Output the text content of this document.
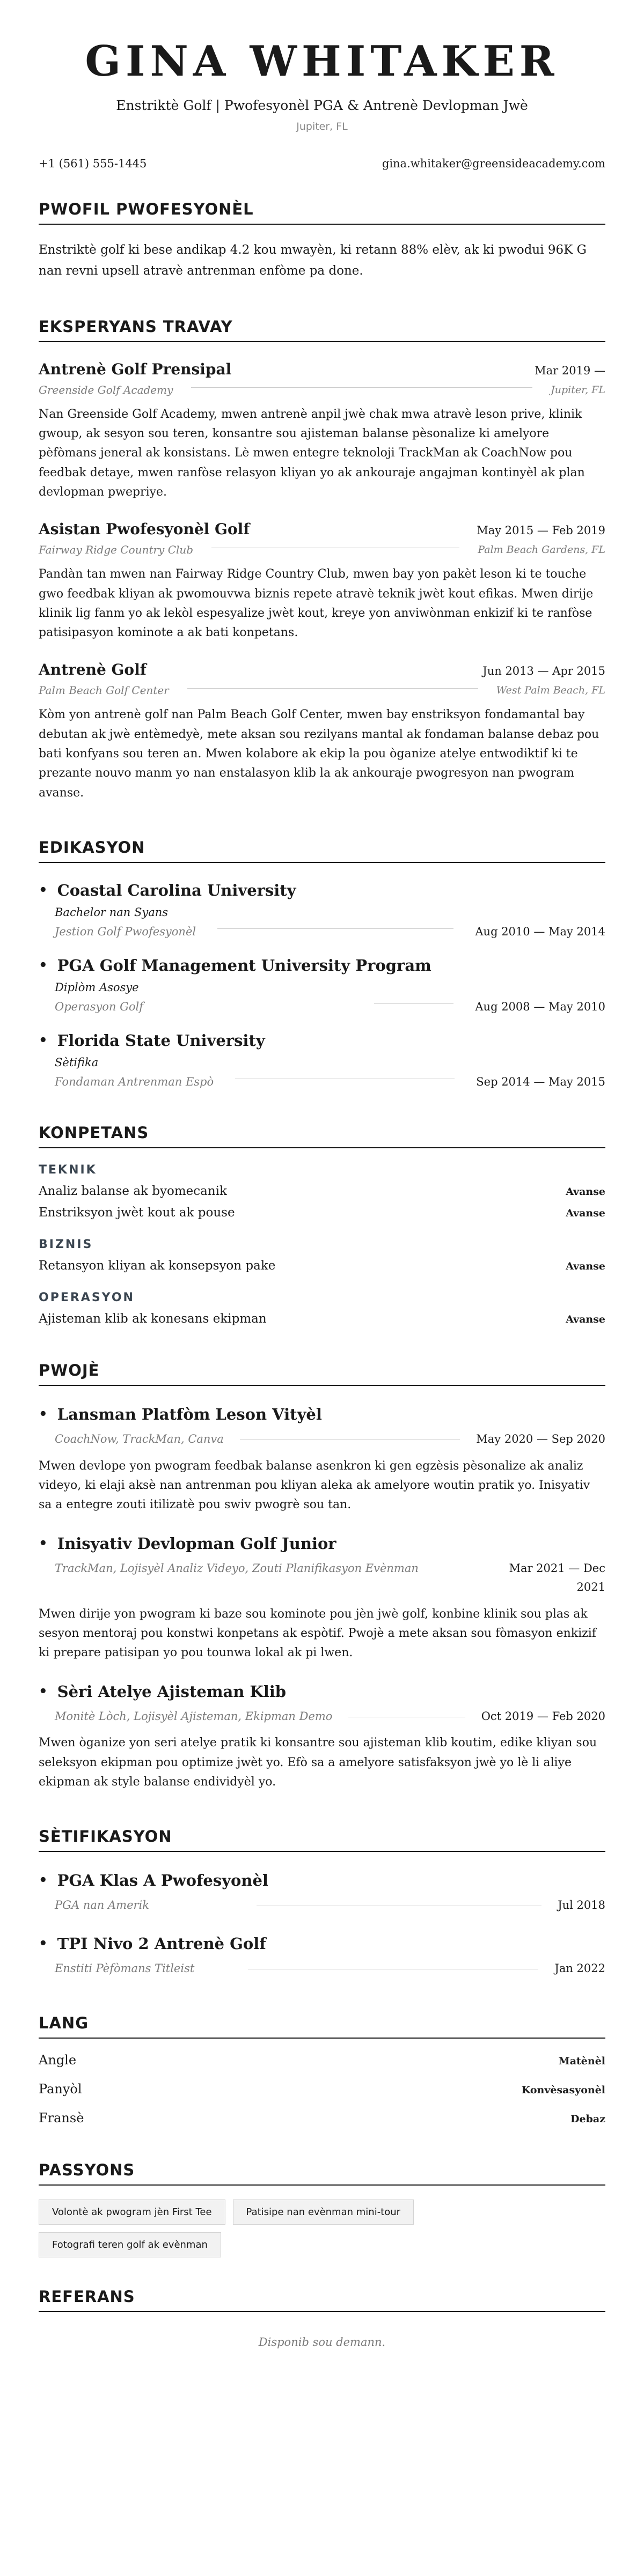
GINA WHITAKER
Enstriktè Golf | Pwofesyonèl PGA & Antrenè Devlopman Jwè
Jupiter, FL
+1 (561) 555-1445	gina.whitaker@greensideacademy.com
PWOFIL PWOFESYONÈL
Enstriktè golf ki bese andikap 4.2 kou mwayèn, ki retann 88% elèv, ak ki pwodui 96K G nan revni upsell atravè antrenman enfòme pa done.
EKSPERYANS TRAVAY
Antrenè Golf Prensipal	Mar 2019 —
Greenside Golf Academy	Jupiter, FL
Nan Greenside Golf Academy, mwen antrenè anpil jwè chak mwa atravè leson prive, klinik gwoup, ak sesyon sou teren, konsantre sou ajisteman balanse pèsonalize ki amelyore pèfòmans jeneral ak konsistans. Lè mwen entegre teknoloji TrackMan ak CoachNow pou feedbak detaye, mwen ranfòse relasyon kliyan yo ak ankouraje angajman kontinyèl ak plan devlopman pwepriye.
Asistan Pwofesyonèl Golf	May 2015 — Feb 2019
Fairway Ridge Country Club	Palm Beach Gardens, FL
Pandàn tan mwen nan Fairway Ridge Country Club, mwen bay yon pakèt leson ki te touche gwo feedbak kliyan ak pwomouvwa biznis repete atravè teknik jwèt kout efikas. Mwen dirije klinik lig fanm yo ak lekòl espesyalize jwèt kout, kreye yon anviwònman enkizif ki te ranfòse patisipasyon kominote a ak bati konpetans.
Antrenè Golf	Jun 2013 — Apr 2015
Palm Beach Golf Center	West Palm Beach, FL
Kòm yon antrenè golf nan Palm Beach Golf Center, mwen bay enstriksyon fondamantal bay debutan ak jwè entèmedyè, mete aksan sou rezilyans mantal ak fondaman balanse debaz pou bati konfyans sou teren an. Mwen kolabore ak ekip la pou òganize atelye entwodiktif ki te prezante nouvo manm yo nan enstalasyon klib la ak ankouraje pwogresyon nan pwogram avanse.
EDIKASYON
• Coastal Carolina University
Bachelor nan Syans
Jestion Golf Pwofesyonèl	Aug 2010 — May 2014
• PGA Golf Management University Program
Diplòm Asosye
Operasyon Golf	Aug 2008 — May 2010
• Florida State University
Sètifika
Fondaman Antrenman Espò	Sep 2014 — May 2015
KONPETANS
TEKNIK
Analiz balanse ak byomecanik	Avanse
Enstriksyon jwèt kout ak pouse	Avanse
BIZNIS
Retansyon kliyan ak konsepsyon pake	Avanse
OPERASYON
Ajisteman klib ak konesans ekipman	Avanse
PWOJÈ
• Lansman Platfòm Leson Vityèl
CoachNow, TrackMan, Canva	May 2020 — Sep 2020
Mwen devlope yon pwogram feedbak balanse asenkron ki gen egzèsis pèsonalize ak analiz videyo, ki elaji aksè nan antrenman pou kliyan aleka ak amelyore woutin pratik yo. Inisyativ sa a entegre zouti itilizatè pou swiv pwogrè sou tan.
• Inisyativ Devlopman Golf Junior
TrackMan, Lojisyèl Analiz Videyo, Zouti Planifikasyon Evènman	Mar 2021 — Dec 2021
Mwen dirije yon pwogram ki baze sou kominote pou jèn jwè golf, konbine klinik sou plas ak sesyon mentoraj pou konstwi konpetans ak espòtif. Pwojè a mete aksan sou fòmasyon enkizif ki prepare patisipan yo pou tounwa lokal ak pi lwen.
• Sèri Atelye Ajisteman Klib
Monitè Lòch, Lojisyèl Ajisteman, Ekipman Demo	Oct 2019 — Feb 2020
Mwen òganize yon seri atelye pratik ki konsantre sou ajisteman klib koutim, edike kliyan sou seleksyon ekipman pou optimize jwèt yo. Efò sa a amelyore satisfaksyon jwè yo lè li aliye ekipman ak style balanse endividyèl yo.
SÈTIFIKASYON
• PGA Klas A Pwofesyonèl
PGA nan Amerik	Jul 2018
• TPI Nivo 2 Antrenè Golf
Enstiti Pèfòmans Titleist	Jan 2022
LANG
Angle	Matènèl
Panyòl	Konvèsasyonèl
Fransè	Debaz
PASSYONS
Volontè ak pwogram jèn First Tee	Patisipe nan evènman mini-tour
Fotografi teren golf ak evènman
REFERANS
Disponib sou demann.
